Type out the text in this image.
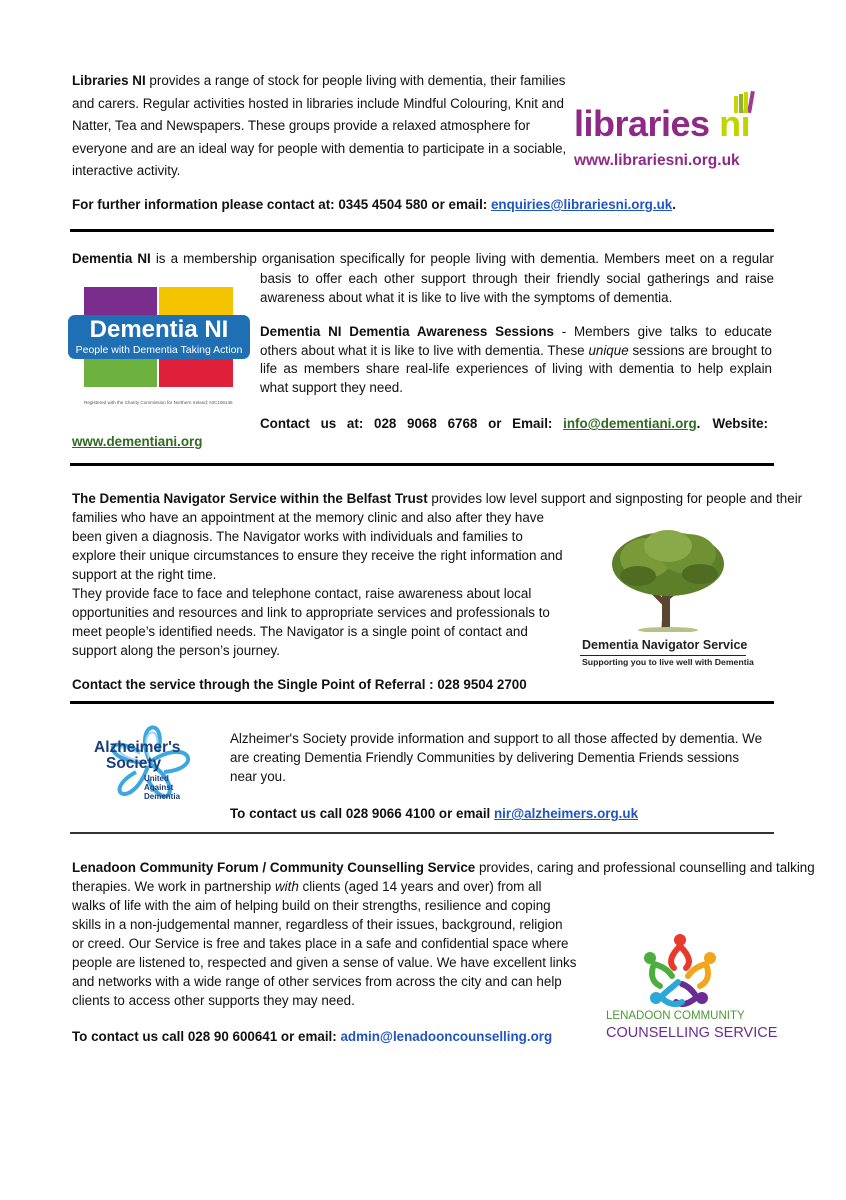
Libraries NI provides a range of stock for people living with dementia, their families and carers. Regular activities hosted in libraries include Mindful Colouring, Knit and Natter, Tea and Newspapers. These groups provide a relaxed atmosphere for everyone and are an ideal way for people with dementia to participate in a sociable, interactive activity.

libraries ni
www.librariesni.org.uk

For further information please contact at: 0345 4504 580 or email: enquiries@librariesni.org.uk.

Dementia NI is a membership organisation specifically for people living with dementia. Members meet on a regular

Dementia NI
People with Dementia Taking Action
Registered with the Charity Commission for Northern Ireland: NIC106146

basis to offer each other support through their friendly social gatherings and raise awareness about what it is like to live with the symptoms of dementia.

Dementia NI Dementia Awareness Sessions - Members give talks to educate others about what it is like to live with dementia. These unique sessions are brought to life as members share real-life experiences of living with dementia to help explain what support they need.

Contact us at: 028 9068 6768 or Email: info@dementiani.org. Website:
www.dementiani.org

The Dementia Navigator Service within the Belfast Trust provides low level support and signposting for people and their

families who have an appointment at the memory clinic and also after they have been given a diagnosis. The Navigator works with individuals and families to explore their unique circumstances to ensure they receive the right information and support at the right time.

They provide face to face and telephone contact, raise awareness about local opportunities and resources and link to appropriate services and professionals to meet people’s identified needs. The Navigator is a single point of contact and support along the person’s journey.

Contact the service through the Single Point of Referral : 028 9504 2700

Dementia Navigator Service
Supporting you to live well with Dementia
Alzheimer's
Society
United
Against
Dementia

Alzheimer's Society provide information and support to all those affected by dementia. We are creating Dementia Friendly Communities by delivering Dementia Friends sessions near you.

To contact us call 028 9066 4100 or email nir@alzheimers.org.uk

Lenadoon Community Forum / Community Counselling Service provides, caring and professional counselling and talking

therapies. We work in partnership with clients (aged 14 years and over) from all walks of life with the aim of helping build on their strengths, resilience and coping skills in a non-judgemental manner, regardless of their issues, background, religion or creed. Our Service is free and takes place in a safe and confidential space where people are listened to, respected and given a sense of value. We have excellent links and networks with a wide range of other services from across the city and can help clients to access other supports they may need.

To contact us call 028 90 600641 or email: admin@lenadooncounselling.org

LENADOON COMMUNITY
COUNSELLING SERVICE
